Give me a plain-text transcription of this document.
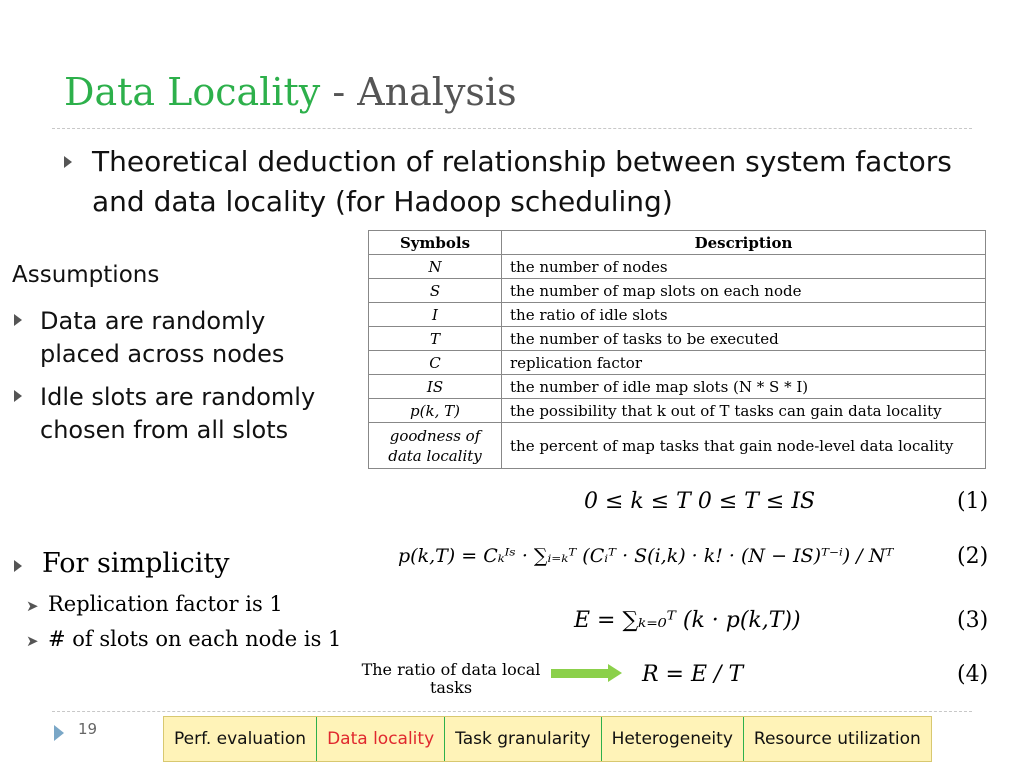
Data Locality - Analysis
Theoretical deduction of relationship between system factors and data locality (for Hadoop scheduling)
Assumptions
Data are randomly placed across nodes
Idle slots are randomly chosen from all slots
For simplicity
➤ Replication factor is 1
➤ # of slots on each node is 1
Symbols	Description
N	the number of nodes
S	the number of map slots on each node
I	the ratio of idle slots
T	the number of tasks to be executed
C	replication factor
IS	the number of idle map slots (N * S * I)
p(k, T)	the possibility that k out of T tasks can gain data locality
goodness of data locality	the percent of map tasks that gain node-level data locality
0 ≤ k ≤ T 0 ≤ T ≤ IS	(1)
p(k,T) = Cₖᴵˢ · ∑ᵢ₌ₖᵀ (Cᵢᵀ · S(i,k) · k! · (N − IS)ᵀ⁻ⁱ) / Nᵀ	(2)
E = ∑ₖ₌₀ᵀ (k · p(k,T))	(3)
R = E / T	(4)
The ratio of data local tasks
19	Perf. evaluation	Data locality	Task granularity	Heterogeneity	Resource utilization
